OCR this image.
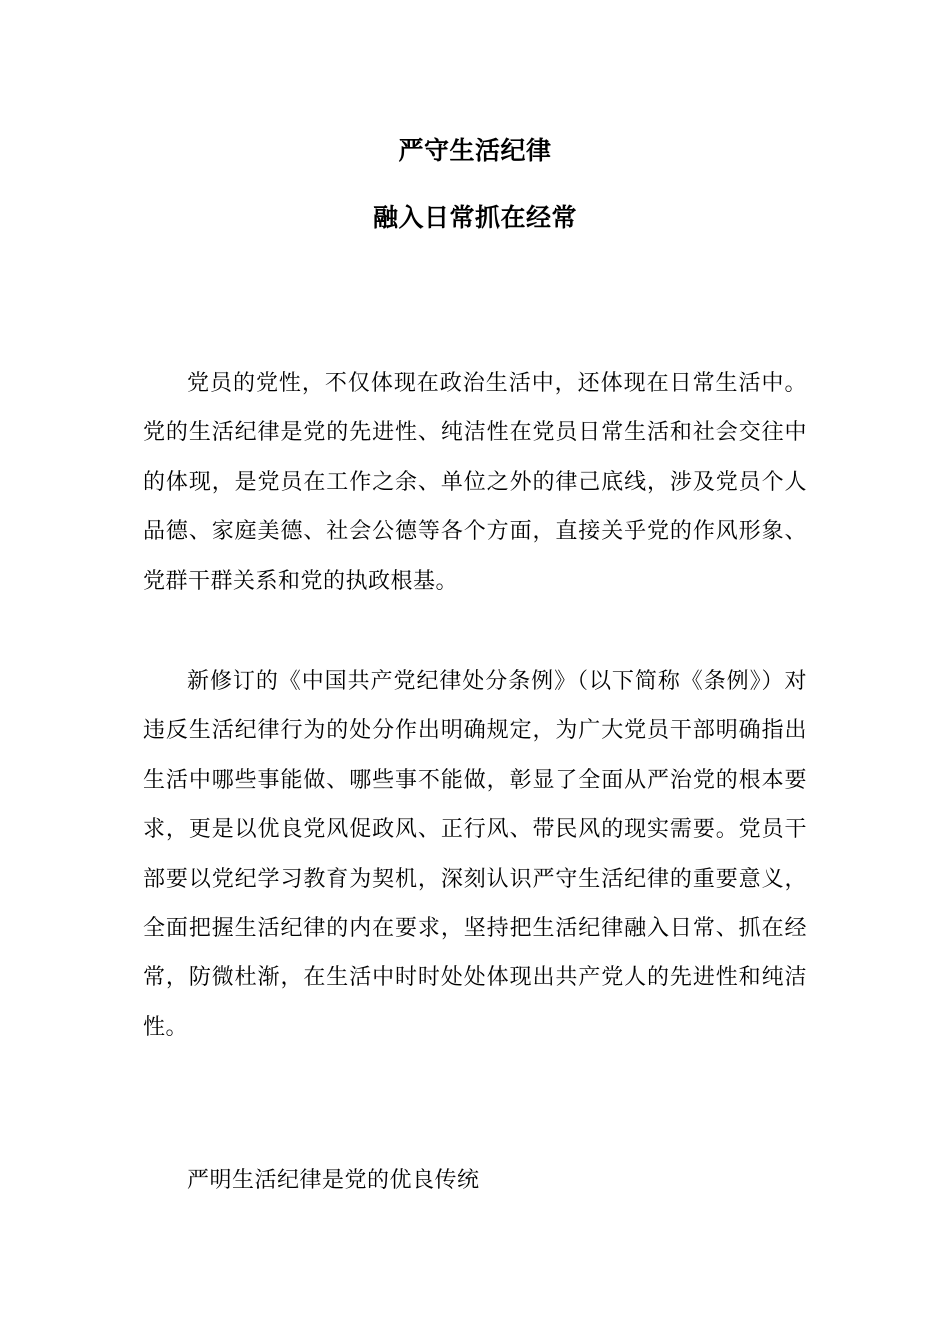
严守生活纪律
融入日常抓在经常

党员的党性，不仅体现在政治生活中，还体现在日常生活中。党的生活纪律是党的先进性、纯洁性在党员日常生活和社会交往中的体现，是党员在工作之余、单位之外的律己底线，涉及党员个人品德、家庭美德、社会公德等各个方面，直接关乎党的作风形象、党群干群关系和党的执政根基。

新修订的《中国共产党纪律处分条例》（以下简称《条例》）对违反生活纪律行为的处分作出明确规定，为广大党员干部明确指出生活中哪些事能做、哪些事不能做，彰显了全面从严治党的根本要求，更是以优良党风促政风、正行风、带民风的现实需要。党员干部要以党纪学习教育为契机，深刻认识严守生活纪律的重要意义，全面把握生活纪律的内在要求，坚持把生活纪律融入日常、抓在经常，防微杜渐，在生活中时时处处体现出共产党人的先进性和纯洁性。

严明生活纪律是党的优良传统
